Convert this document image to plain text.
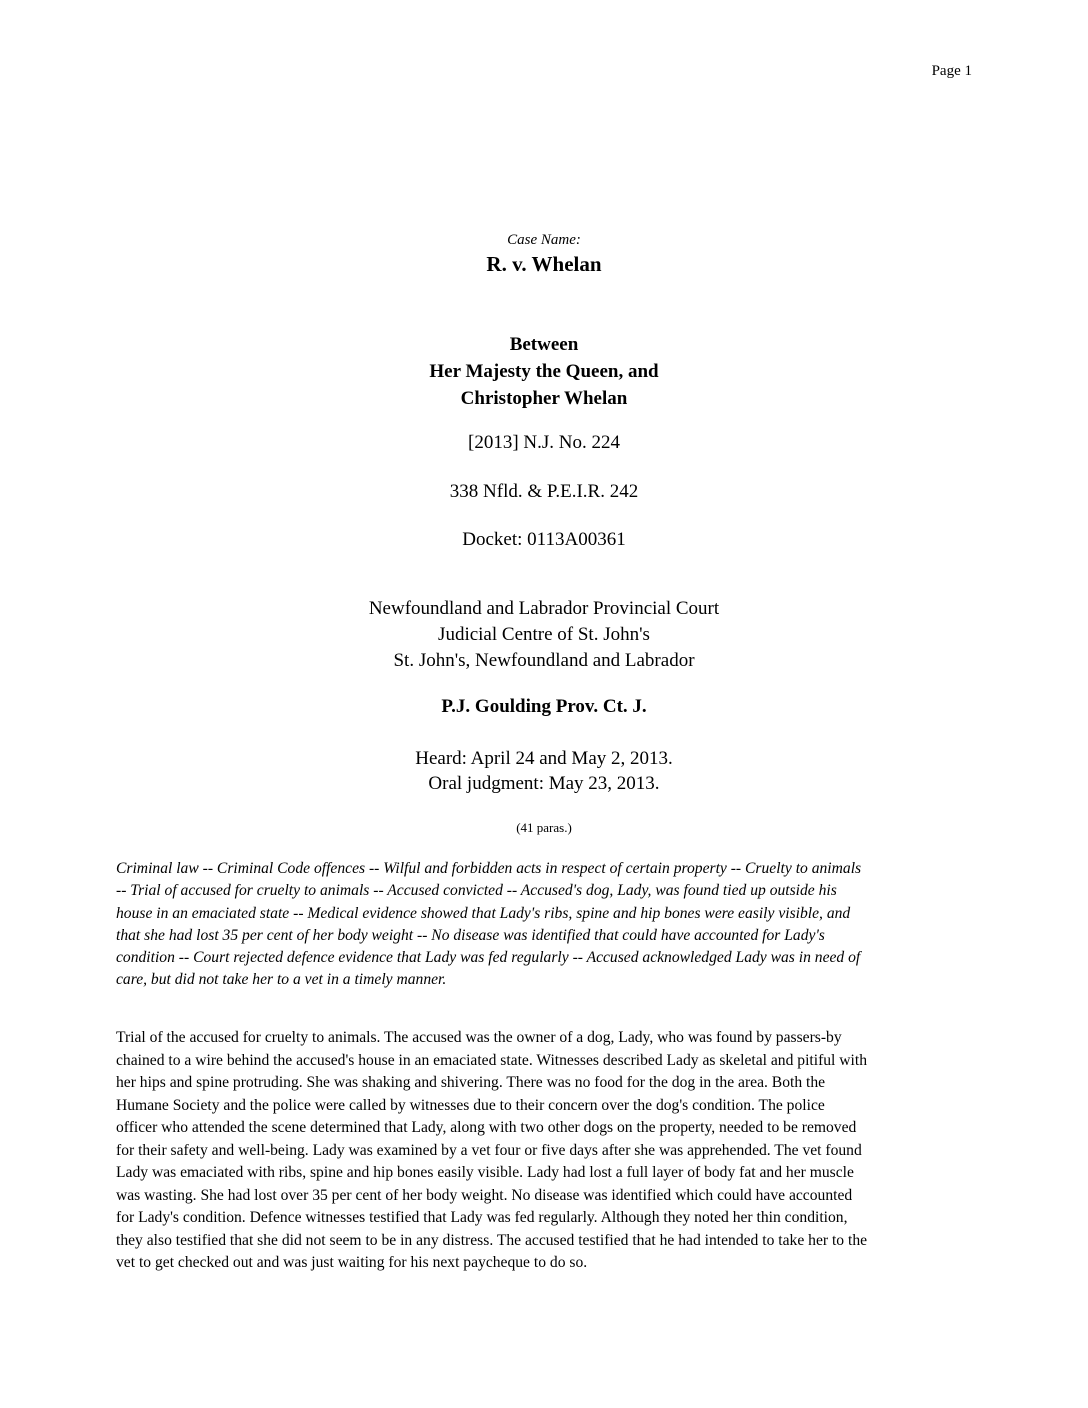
Page 1
Case Name:
R. v. Whelan
Between
Her Majesty the Queen, and
Christopher Whelan
[2013] N.J. No. 224
338 Nfld. & P.E.I.R. 242
Docket: 0113A00361
Newfoundland and Labrador Provincial Court
Judicial Centre of St. John's
St. John's, Newfoundland and Labrador
P.J. Goulding Prov. Ct. J.
Heard: April 24 and May 2, 2013.
Oral judgment: May 23, 2013.
(41 paras.)
Criminal law -- Criminal Code offences -- Wilful and forbidden acts in respect of certain property -- Cruelty to animals
-- Trial of accused for cruelty to animals -- Accused convicted -- Accused's dog, Lady, was found tied up outside his
house in an emaciated state -- Medical evidence showed that Lady's ribs, spine and hip bones were easily visible, and
that she had lost 35 per cent of her body weight -- No disease was identified that could have accounted for Lady's
condition -- Court rejected defence evidence that Lady was fed regularly -- Accused acknowledged Lady was in need of
care, but did not take her to a vet in a timely manner.
Trial of the accused for cruelty to animals. The accused was the owner of a dog, Lady, who was found by passers-by
chained to a wire behind the accused's house in an emaciated state. Witnesses described Lady as skeletal and pitiful with
her hips and spine protruding. She was shaking and shivering. There was no food for the dog in the area. Both the
Humane Society and the police were called by witnesses due to their concern over the dog's condition. The police
officer who attended the scene determined that Lady, along with two other dogs on the property, needed to be removed
for their safety and well-being. Lady was examined by a vet four or five days after she was apprehended. The vet found
Lady was emaciated with ribs, spine and hip bones easily visible. Lady had lost a full layer of body fat and her muscle
was wasting. She had lost over 35 per cent of her body weight. No disease was identified which could have accounted
for Lady's condition. Defence witnesses testified that Lady was fed regularly. Although they noted her thin condition,
they also testified that she did not seem to be in any distress. The accused testified that he had intended to take her to the
vet to get checked out and was just waiting for his next paycheque to do so.
